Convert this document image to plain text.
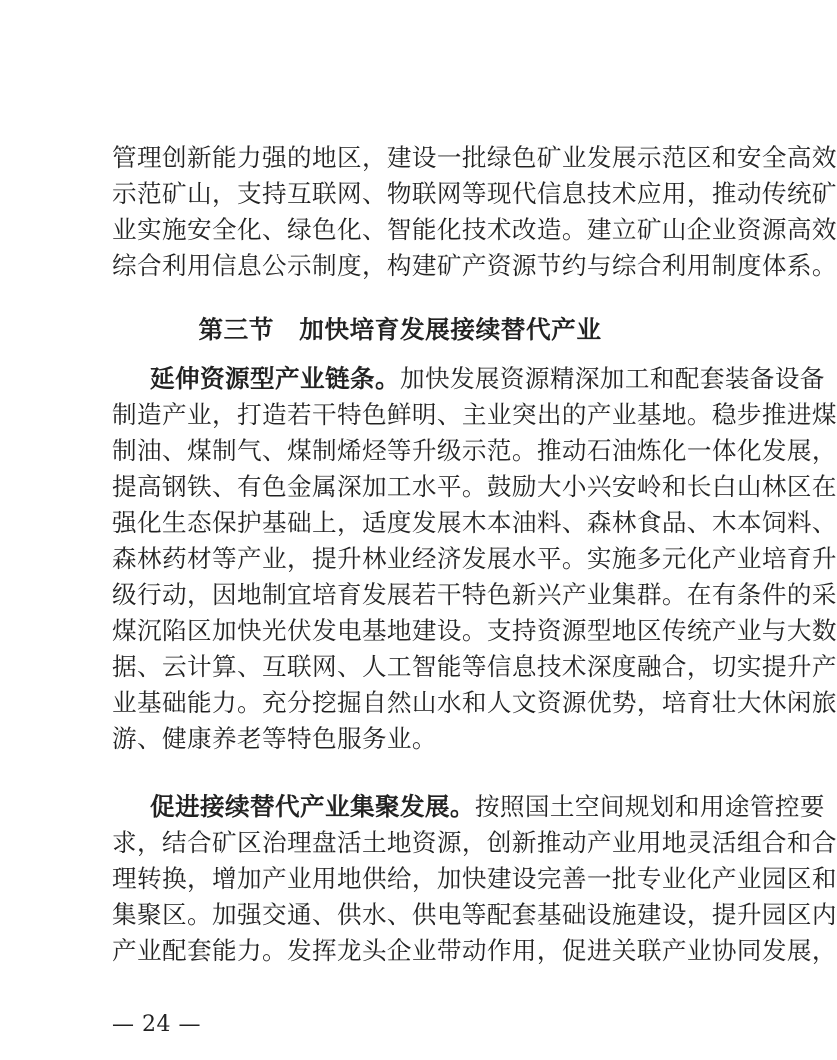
管理创新能力强的地区，建设一批绿色矿业发展示范区和安全高效
示范矿山，支持互联网、物联网等现代信息技术应用，推动传统矿
业实施安全化、绿色化、智能化技术改造。建立矿山企业资源高效
综合利用信息公示制度，构建矿产资源节约与综合利用制度体系。
第三节　加快培育发展接续替代产业
延伸资源型产业链条。加快发展资源精深加工和配套装备设备
制造产业，打造若干特色鲜明、主业突出的产业基地。稳步推进煤
制油、煤制气、煤制烯烃等升级示范。推动石油炼化一体化发展，
提高钢铁、有色金属深加工水平。鼓励大小兴安岭和长白山林区在
强化生态保护基础上，适度发展木本油料、森林食品、木本饲料、
森林药材等产业，提升林业经济发展水平。实施多元化产业培育升
级行动，因地制宜培育发展若干特色新兴产业集群。在有条件的采
煤沉陷区加快光伏发电基地建设。支持资源型地区传统产业与大数
据、云计算、互联网、人工智能等信息技术深度融合，切实提升产
业基础能力。充分挖掘自然山水和人文资源优势，培育壮大休闲旅
游、健康养老等特色服务业。
促进接续替代产业集聚发展。按照国土空间规划和用途管控要
求，结合矿区治理盘活土地资源，创新推动产业用地灵活组合和合
理转换，增加产业用地供给，加快建设完善一批专业化产业园区和
集聚区。加强交通、供水、供电等配套基础设施建设，提升园区内
产业配套能力。发挥龙头企业带动作用，促进关联产业协同发展，
— 24 —
